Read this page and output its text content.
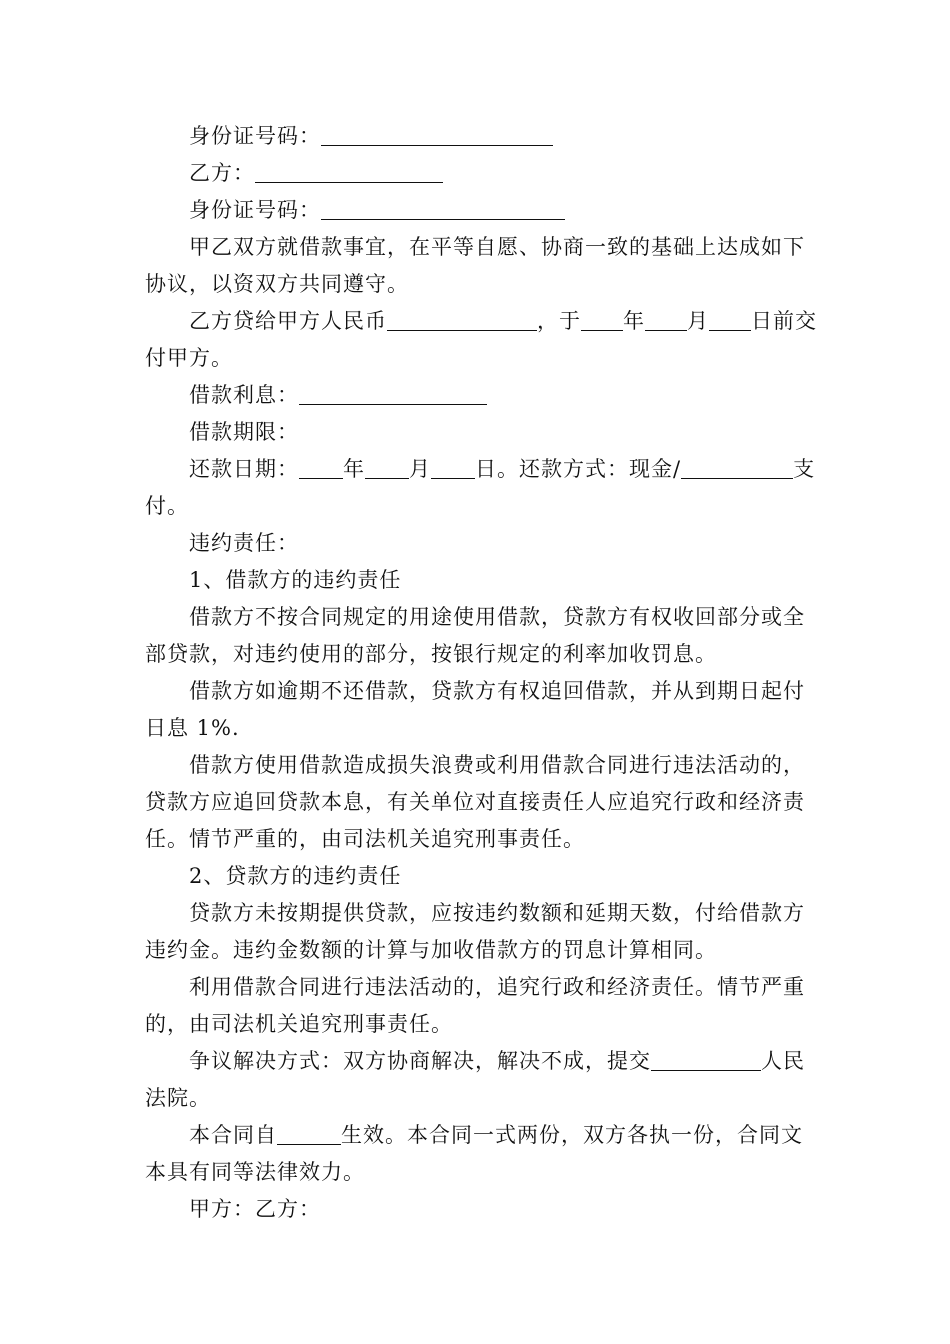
身份证号码：
乙方：
身份证号码：
甲乙双方就借款事宜，在平等自愿、协商一致的基础上达成如下协议，以资双方共同遵守。
乙方贷给甲方人民币	，于 年 月 日前交付甲方。
借款利息：
借款期限：
还款日期： 年 月 日。还款方式：现金/	支付。
违约责任：
1、借款方的违约责任
借款方不按合同规定的用途使用借款，贷款方有权收回部分或全部贷款，对违约使用的部分，按银行规定的利率加收罚息。
借款方如逾期不还借款，贷款方有权追回借款，并从到期日起付日息 1%.
借款方使用借款造成损失浪费或利用借款合同进行违法活动的，贷款方应追回贷款本息，有关单位对直接责任人应追究行政和经济责任。情节严重的，由司法机关追究刑事责任。
2、贷款方的违约责任
贷款方未按期提供贷款，应按违约数额和延期天数，付给借款方违约金。违约金数额的计算与加收借款方的罚息计算相同。
利用借款合同进行违法活动的，追究行政和经济责任。情节严重的，由司法机关追究刑事责任。
争议解决方式：双方协商解决，解决不成，提交	人民法院。
本合同自	生效。本合同一式两份，双方各执一份，合同文本具有同等法律效力。
甲方：乙方：
